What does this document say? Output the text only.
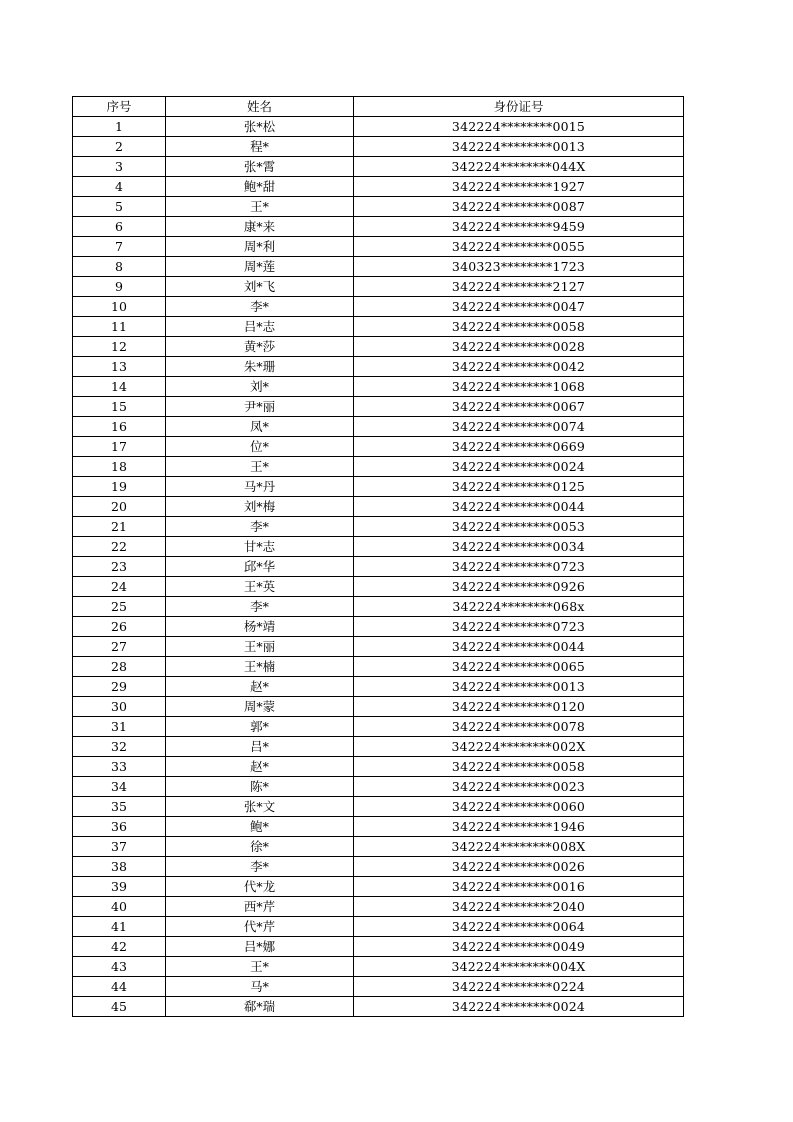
序号	姓名	身份证号
1	张*松	342224********0015
2	程*	342224********0013
3	张*霄	342224********044X
4	鲍*甜	342224********1927
5	王*	342224********0087
6	康*来	342224********9459
7	周*利	342224********0055
8	周*莲	340323********1723
9	刘*飞	342224********2127
10	李*	342224********0047
11	吕*志	342224********0058
12	黄*莎	342224********0028
13	朱*珊	342224********0042
14	刘*	342224********1068
15	尹*丽	342224********0067
16	凤*	342224********0074
17	位*	342224********0669
18	王*	342224********0024
19	马*丹	342224********0125
20	刘*梅	342224********0044
21	李*	342224********0053
22	甘*志	342224********0034
23	邱*华	342224********0723
24	王*英	342224********0926
25	李*	342224********068x
26	杨*靖	342224********0723
27	王*丽	342224********0044
28	王*楠	342224********0065
29	赵*	342224********0013
30	周*蒙	342224********0120
31	郭*	342224********0078
32	吕*	342224********002X
33	赵*	342224********0058
34	陈*	342224********0023
35	张*文	342224********0060
36	鲍*	342224********1946
37	徐*	342224********008X
38	李*	342224********0026
39	代*龙	342224********0016
40	西*芹	342224********2040
41	代*芹	342224********0064
42	吕*娜	342224********0049
43	王*	342224********004X
44	马*	342224********0224
45	郗*瑞	342224********0024
